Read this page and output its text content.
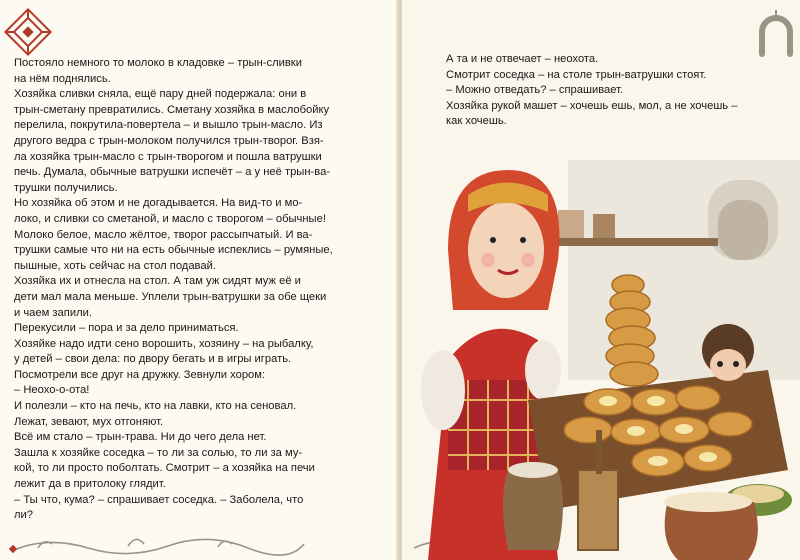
Постояло немного то молоко в кладовке – трын-сливки

на нём поднялись.

Хозяйка сливки сняла, ещё пару дней подержала: они в

трын-сметану превратились. Сметану хозяйка в маслобойку

перелила, покрутила-повертела – и вышло трын-масло. Из

другого ведра с трын-молоком получился трын-творог. Взя-

ла хозяйка трын-масло с трын-творогом и пошла ватрушки

печь. Думала, обычные ватрушки испечёт – а у неё трын-ва-

трушки получились.

Но хозяйка об этом и не догадывается. На вид-то и мо-

локо, и сливки со сметаной, и масло с творогом – обычные!

Молоко белое, масло жёлтое, творог рассыпчатый. И ва-

трушки самые что ни на есть обычные испеклись – румяные,

пышные, хоть сейчас на стол подавай.

Хозяйка их и отнесла на стол. А там уж сидят муж её и

дети мал мала меньше. Уплели трын-ватрушки за обе щеки

и чаем запили.

Перекусили – пора и за дело приниматься.

Хозяйке надо идти сено ворошить, хозяину – на рыбалку,

у детей – свои дела: по двору бегать и в игры играть.

Посмотрели все друг на дружку. Зевнули хором:

– Неохо-о-ота!

И полезли – кто на печь, кто на лавки, кто на сеновал.

Лежат, зевают, мух отгоняют.

Всё им стало – трын-трава. Ни до чего дела нет.

Зашла к хозяйке соседка – то ли за солью, то ли за му-

кой, то ли просто поболтать. Смотрит – а хозяйка на печи

лежит да в притолоку глядит.

– Ты что, кума? – спрашивает соседка. – Заболела, что

ли?

А та и не отвечает – неохота.

Смотрит соседка – на столе трын-ватрушки стоят.

– Можно отведать? – спрашивает.

Хозяйка рукой машет – хочешь ешь, мол, а не хочешь –

как хочешь.
